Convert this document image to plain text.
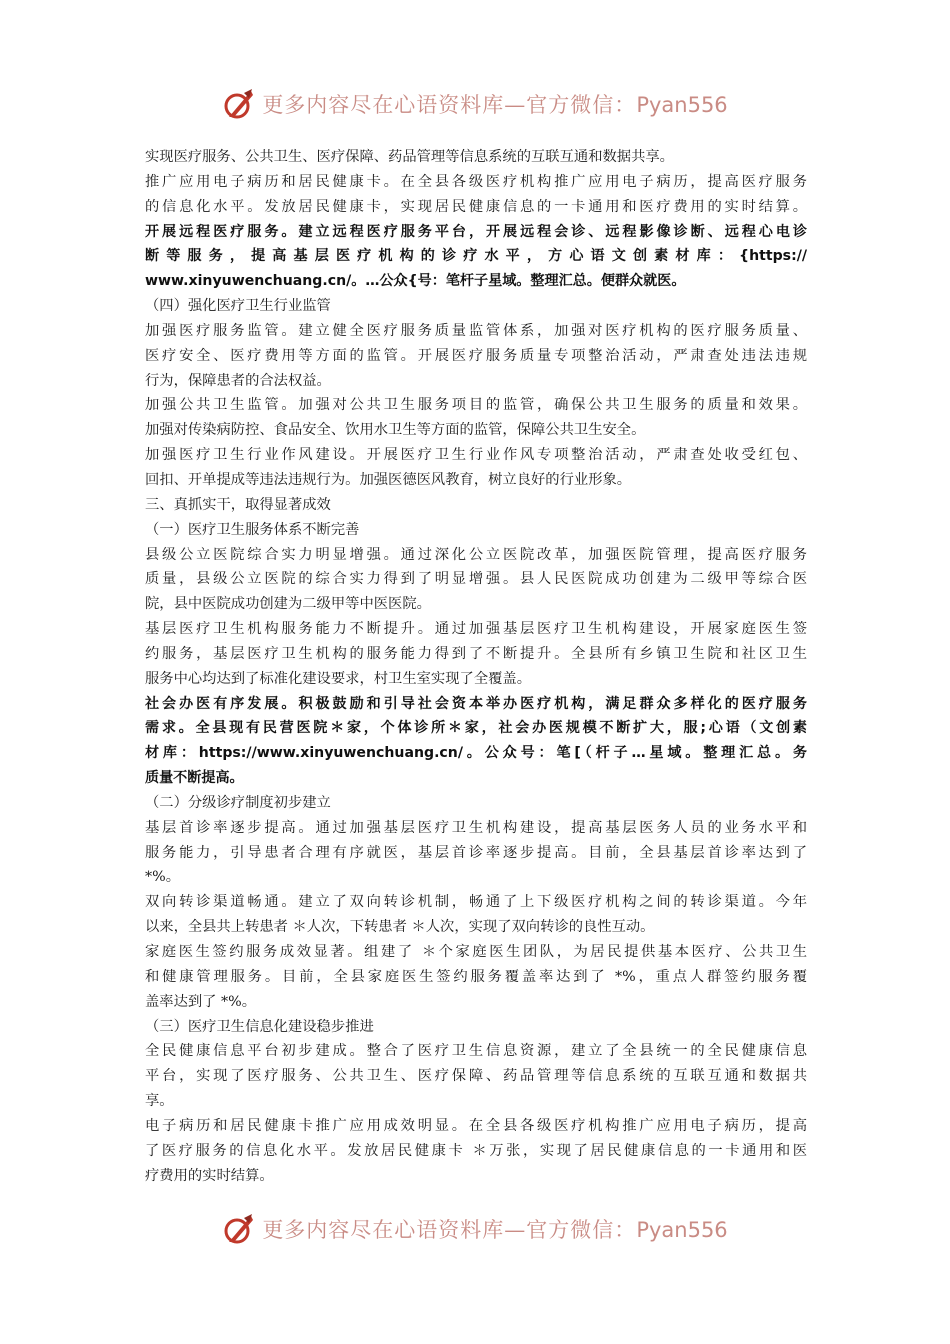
更多内容尽在心语资料库—官方微信：Pyan556
实现医疗服务、公共卫生、医疗保障、药品管理等信息系统的互联互通和数据共享。
推广应用电子病历和居民健康卡。在全县各级医疗机构推广应用电子病历，提高医疗服务
的信息化水平。发放居民健康卡，实现居民健康信息的一卡通用和医疗费用的实时结算。
开展远程医疗服务。建立远程医疗服务平台，开展远程会诊、远程影像诊断、远程心电诊
断等服务，提高基层医疗机构的诊疗水平，方心语文创素材库：{https://
www.xinyuwenchuang.cn/。…公众{号：笔杆子星域。整理汇总。便群众就医。
（四）强化医疗卫生行业监管
加强医疗服务监管。建立健全医疗服务质量监管体系，加强对医疗机构的医疗服务质量、
医疗安全、医疗费用等方面的监管。开展医疗服务质量专项整治活动，严肃查处违法违规
行为，保障患者的合法权益。
加强公共卫生监管。加强对公共卫生服务项目的监管，确保公共卫生服务的质量和效果。
加强对传染病防控、食品安全、饮用水卫生等方面的监管，保障公共卫生安全。
加强医疗卫生行业作风建设。开展医疗卫生行业作风专项整治活动，严肃查处收受红包、
回扣、开单提成等违法违规行为。加强医德医风教育，树立良好的行业形象。
三、真抓实干，取得显著成效
（一）医疗卫生服务体系不断完善
县级公立医院综合实力明显增强。通过深化公立医院改革，加强医院管理，提高医疗服务
质量，县级公立医院的综合实力得到了明显增强。县人民医院成功创建为二级甲等综合医
院，县中医院成功创建为二级甲等中医医院。
基层医疗卫生机构服务能力不断提升。通过加强基层医疗卫生机构建设，开展家庭医生签
约服务，基层医疗卫生机构的服务能力得到了不断提升。全县所有乡镇卫生院和社区卫生
服务中心均达到了标准化建设要求，村卫生室实现了全覆盖。
社会办医有序发展。积极鼓励和引导社会资本举办医疗机构，满足群众多样化的医疗服务
需求。全县现有民营医院＊家，个体诊所＊家，社会办医规模不断扩大，服;心语（文创素
材库：https://www.xinyuwenchuang.cn/。公众号：笔[（杆子…星域。整理汇总。务
质量不断提高。
（二）分级诊疗制度初步建立
基层首诊率逐步提高。通过加强基层医疗卫生机构建设，提高基层医务人员的业务水平和
服务能力，引导患者合理有序就医，基层首诊率逐步提高。目前，全县基层首诊率达到了
*%。
双向转诊渠道畅通。建立了双向转诊机制，畅通了上下级医疗机构之间的转诊渠道。今年
以来，全县共上转患者 ＊人次，下转患者 ＊人次，实现了双向转诊的良性互动。
家庭医生签约服务成效显著。组建了 ＊个家庭医生团队，为居民提供基本医疗、公共卫生
和健康管理服务。目前，全县家庭医生签约服务覆盖率达到了 *%，重点人群签约服务覆
盖率达到了 *%。
（三）医疗卫生信息化建设稳步推进
全民健康信息平台初步建成。整合了医疗卫生信息资源，建立了全县统一的全民健康信息
平台，实现了医疗服务、公共卫生、医疗保障、药品管理等信息系统的互联互通和数据共
享。
电子病历和居民健康卡推广应用成效明显。在全县各级医疗机构推广应用电子病历，提高
了医疗服务的信息化水平。发放居民健康卡 ＊万张，实现了居民健康信息的一卡通用和医
疗费用的实时结算。
更多内容尽在心语资料库—官方微信：Pyan556
